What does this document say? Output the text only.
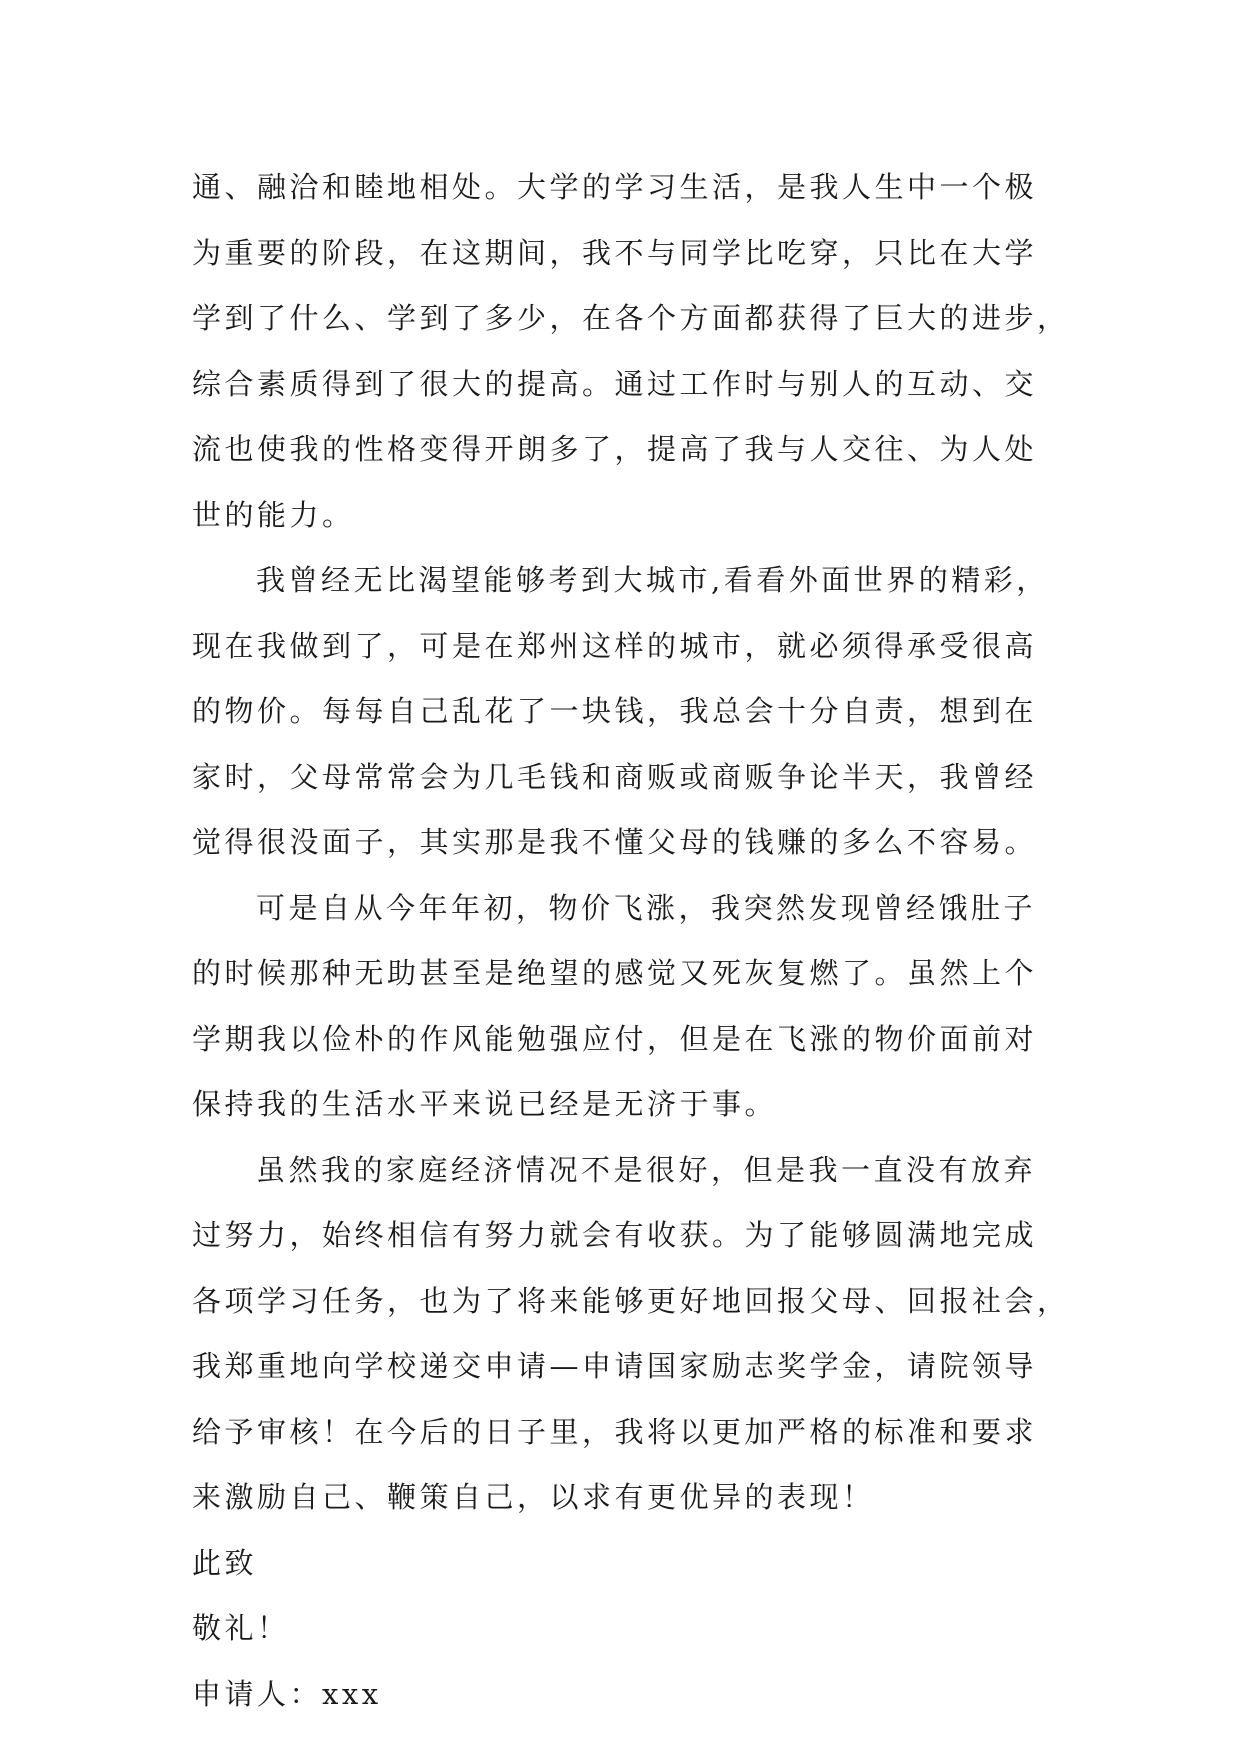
通、融洽和睦地相处。大学的学习生活，是我人生中一个极
为重要的阶段，在这期间，我不与同学比吃穿，只比在大学
学到了什么、学到了多少，在各个方面都获得了巨大的进步，
综合素质得到了很大的提高。通过工作时与别人的互动、交
流也使我的性格变得开朗多了，提高了我与人交往、为人处
世的能力。
我曾经无比渴望能够考到大城市,看看外面世界的精彩，
现在我做到了，可是在郑州这样的城市，就必须得承受很高
的物价。每每自己乱花了一块钱，我总会十分自责，想到在
家时，父母常常会为几毛钱和商贩或商贩争论半天，我曾经
觉得很没面子，其实那是我不懂父母的钱赚的多么不容易。
可是自从今年年初，物价飞涨，我突然发现曾经饿肚子
的时候那种无助甚至是绝望的感觉又死灰复燃了。虽然上个
学期我以俭朴的作风能勉强应付，但是在飞涨的物价面前对
保持我的生活水平来说已经是无济于事。
虽然我的家庭经济情况不是很好，但是我一直没有放弃
过努力，始终相信有努力就会有收获。为了能够圆满地完成
各项学习任务，也为了将来能够更好地回报父母、回报社会，
我郑重地向学校递交申请—申请国家励志奖学金，请院领导
给予审核！在今后的日子里，我将以更加严格的标准和要求
来激励自己、鞭策自己，以求有更优异的表现！
此致
敬礼！
申请人：xxx
